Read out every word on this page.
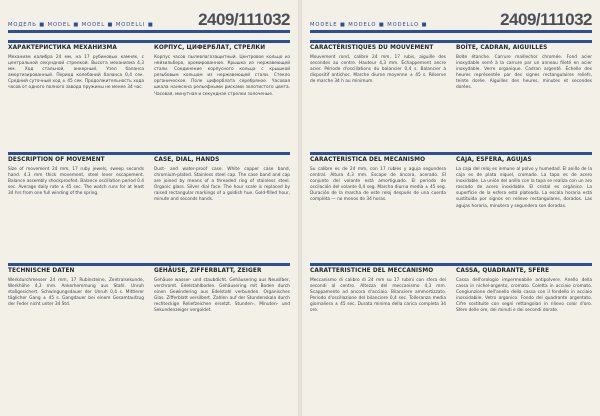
МОДЕЛЬ ■ MODEL ■ MODEL ■ MODELLI ■	2409/111032
ХАРАКТЕРИСТИКА МЕХАНИЗМА

Механизм калибра 24 мм, на 17 рубиновых камнях, с центральной секундной стрелкой. Высота механизма 4,3 мм. Ход стальной, анкерный. Узел баланса амортизированный. Период колебаний баланса 0,4 сек. Средний суточный ход ± 45 сек. Продолжительность хода часов от одного полного завода пружины не менее 34 час.

КОРПУС, ЦИФЕРБЛАТ, СТРЕЛКИ

Корпус часов пылевлагозащитный. Центровое кольцо из нейзильбера, хромированное. Крышка из нержавеющей стали. Соединение корпусного кольца с крышкой резьбовым кольцом из нержавеющей стали. Стекло органическое. Поле циферблата серебряное. Часовая шкала нанесена рельефными рисками золотистого цвета. Часовая, минутная и секундная стрелки золоченые.

DESCRIPTION OF MOVEMENT

Size of movement 24 mm, 17 ruby jewels, sweep seconds hand. 4.3 mm thick movement, steel lever escapement. Balance assembly shockproofed. Balance oscillation period 0.4 sec. Average daily rate ± 45 sec. The watch runs for at least 34 hrs from one full winding of the spring.

CASE, DIAL, HANDS

Dust- and water-proof case. White copper case band, chromium-plated. Stainless steel cap. The case band and cap are joined by means of a threaded ring of stainless steel. Organic glass. Silver dial face. The hour scale is replaced by raised rectangular markings of a goldish hue. Gold-filled hour, minute and seconds hands.

TECHNISCHE DATEN

Werkdurchmesser 24 mm, 17 Rubinsteine, Zentralsekunde, Werkhöhe 4,3 mm. Ankerhemmung aus Stahl. Unruh stoßgesichert. Schwingungsdauer der Unruh 0,4 s. Mittlerer täglicher Gang ± 45 s. Gangdauer bei einem Gesamtaufzug der Feder nicht unter 34 Std.

GEHÄUSE, ZIFFERBLATT, ZEIGER

Gehäuse wasser- und staubdicht. Gehäusering aus Neusilber, verchromt. Edelstahlboden. Gehäusering mit Boden durch einen Gewindering aus Edelstahl verbunden. Organisches Glas. Zifferblatt versilbert. Zahlen auf der Stundenskala durch rechteckige Reliefzeichen ersetzt. Stunden-, Minuten- und Sekundenzeiger vergoldet.

MODELE ■ MODELO ■ MODELLO ■	2409/111032
CARACTÉRISTIQUES DU MOUVEMENT

Mouvement rond, calibre 24 mm, 17 rubis, aiguille des secondes au centre. Hauteur 4,3 mm. Échappement ancre acier. Période d'oscillations du balancier 0,4 s. Balancier à dispositif antichoc. Marche diurne moyenne ± 45 s. Réserve de marche 34 h au minimum.

BOÎTE, CADRAN, AIGUILLES

Boîte étanche. Carrure maillechor chromée. Fond acier inoxydable serré à la carrure par un anneau fileté en acier inoxydable. Verre organique. Cadran argenté. Échelle des heures représentée par des signes rectangulaires reliefs, teinte dorée. Aiguilles des heures, minutes et secondes dorées.

CARACTERÍSTICA DEL MECANISMO

Su calibre es de 24 mm, con 17 rubíes y aguja segundera central. Altura 4,3 mm. Escape de áncora, acerado. El conjunto del volante está amortiguado. El período de oscilación del volante 0,4 seg. Marcha diurna media ± 45 seg. Duración de la marcha de este reloj después de una cuerda completa — no menos de 34 horas.

CAJA, ESFERA, AGUJAS

La caja del reloj es inmune al polvo y humedad. El anillo de la caja es de plata niquel, cromado. La tapa es de acero inoxidable. La unión del anillo con la tapa se realiza con un aro roscado de acero inoxidable. El cristal es orgánico. La superficie de la esfera está plateada. La escala horaria está sustituida por signos en relieve rectangulares, dorados. Las agujas horaria, minutera y segundera son doradas.

CARATTERISTICHE DEL MECCANISMO

Meccanismo di calibro di 24 mm su 17 rubini con sfera dei secondi al centro. Altezza del meccanismo 4,3 mm. Scappamento ad ancora d'acciaio. Bilanciere ammortizzato. Periodo d'oscillazione del bilanciere 0,4 sec. Tolleranza media giornaliera ± 45 sec. Durata minima della carica completa 34 ore.

CASSA, QUADRANTE, SFERE

Cassa dell'orologio impermeabile antipolvere. Anello della cassa in nichel-argento, cromato. Coletta in acciaio cromato. Congiunzione dell'anello della cassa con il fondello in acciaio inossidabile. Vetro organico. Fondo del quadrante argentato. Cifre sostituite con segni rettangolari in rilievo color d'oro. Sfere delle ore, dei minuti e dei secondi dorate.
